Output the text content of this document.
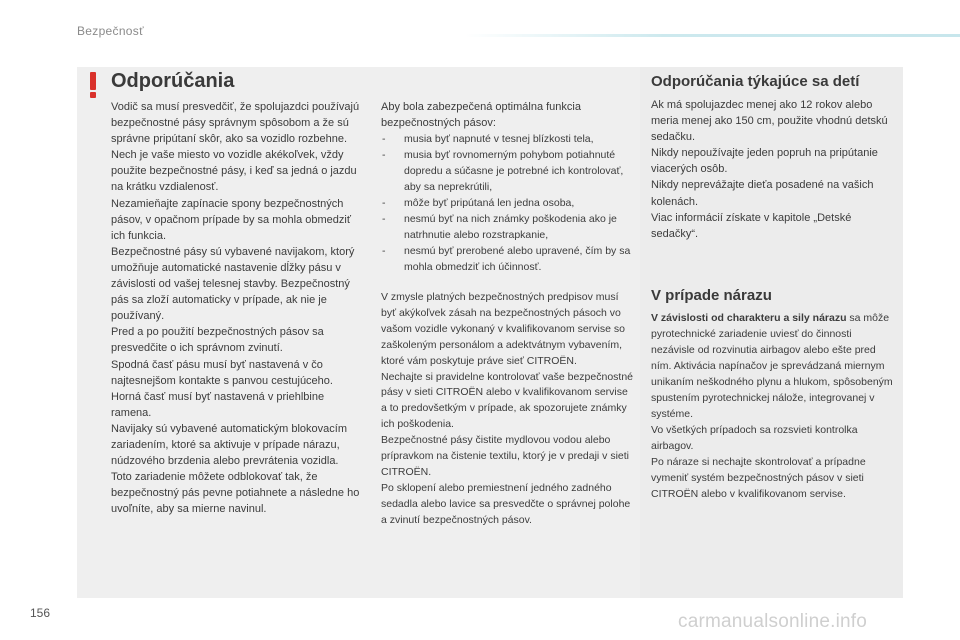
Bezpečnosť
Odporúčania

Vodič sa musí presvedčiť, že spolujazdci používajú bezpečnostné pásy správnym spôsobom a že sú správne pripútaní skôr, ako sa vozidlo rozbehne.

Nech je vaše miesto vo vozidle akékoľvek, vždy použite bezpečnostné pásy, i keď sa jedná o jazdu na krátku vzdialenosť.

Nezamieňajte zapínacie spony bezpečnostných pásov, v opačnom prípade by sa mohla obmedziť ich funkcia.

Bezpečnostné pásy sú vybavené navijakom, ktorý umožňuje automatické nastavenie dĺžky pásu v závislosti od vašej telesnej stavby. Bezpečnostný pás sa zloží automaticky v prípade, ak nie je používaný.

Pred a po použití bezpečnostných pásov sa presvedčite o ich správnom zvinutí.

Spodná časť pásu musí byť nastavená v čo najtesnejšom kontakte s panvou cestujúceho.

Horná časť musí byť nastavená v priehlbine ramena.

Navijaky sú vybavené automatickým blokovacím zariadením, ktoré sa aktivuje v prípade nárazu, núdzového brzdenia alebo prevrátenia vozidla. Toto zariadenie môžete odblokovať tak, že bezpečnostný pás pevne potiahnete a následne ho uvoľníte, aby sa mierne navinul.

Aby bola zabezpečená optimálna funkcia bezpečnostných pásov:

- musia byť napnuté v tesnej blízkosti tela,

- musia byť rovnomerným pohybom potiahnuté dopredu a súčasne je potrebné ich kontrolovať, aby sa neprekrútili,

- môže byť pripútaná len jedna osoba,

- nesmú byť na nich známky poškodenia ako je natrhnutie alebo rozstrapkanie,

- nesmú byť prerobené alebo upravené, čím by sa mohla obmedziť ich účinnosť.

V zmysle platných bezpečnostných predpisov musí byť akýkoľvek zásah na bezpečnostných pásoch vo vašom vozidle vykonaný v kvalifikovanom servise so zaškoleným personálom a adektvátnym vybavením, ktoré vám poskytuje práve sieť CITROËN.

Nechajte si pravidelne kontrolovať vaše bezpečnostné pásy v sieti CITROËN alebo v kvalifikovanom servise a to predovšetkým v prípade, ak spozorujete známky ich poškodenia.

Bezpečnostné pásy čistite mydlovou vodou alebo prípravkom na čistenie textilu, ktorý je v predaji v sieti CITROËN.

Po sklopení alebo premiestnení jedného zadného sedadla alebo lavice sa presvedčte o správnej polohe a zvinutí bezpečnostných pásov.

Odporúčania týkajúce sa detí

Ak má spolujazdec menej ako 12 rokov alebo meria menej ako 150 cm, použite vhodnú detskú sedačku.

Nikdy nepoužívajte jeden popruh na pripútanie viacerých osôb.

Nikdy neprevážajte dieťa posadené na vašich kolenách.

Viac informácií získate v kapitole „Detské sedačky“.

V prípade nárazu

V závislosti od charakteru a sily nárazu sa môže pyrotechnické zariadenie uviesť do činnosti nezávisle od rozvinutia airbagov alebo ešte pred ním. Aktivácia napínačov je sprevádzaná miernym unikaním neškodného plynu a hlukom, spôsobeným spustením pyrotechnickej nálože, integrovanej v systéme.

Vo všetkých prípadoch sa rozsvieti kontrolka airbagov.

Po náraze si nechajte skontrolovať a prípadne vymeniť systém bezpečnostných pásov v sieti CITROËN alebo v kvalifikovanom servise.

156	carmanualsonline.info
